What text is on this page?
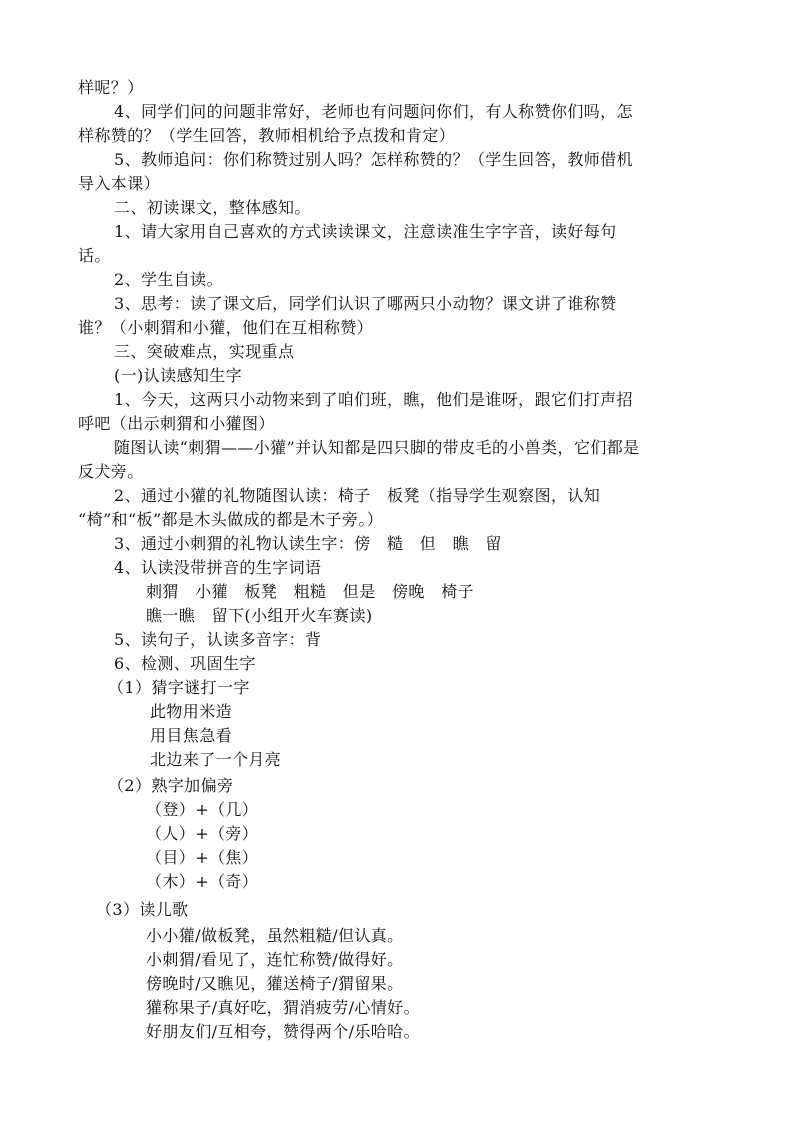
样呢？）
4、同学们问的问题非常好，老师也有问题问你们，有人称赞你们吗，怎
样称赞的？（学生回答，教师相机给予点拨和肯定）
5、教师追问：你们称赞过别人吗？怎样称赞的？（学生回答，教师借机
导入本课）
二、初读课文，整体感知。
1、请大家用自己喜欢的方式读读课文，注意读准生字字音，读好每句
话。
2、学生自读。
3、思考：读了课文后，同学们认识了哪两只小动物？课文讲了谁称赞
谁？（小刺猬和小獾，他们在互相称赞）
三、突破难点，实现重点
(一)认读感知生字
1、今天，这两只小动物来到了咱们班，瞧，他们是谁呀，跟它们打声招
呼吧（出示刺猬和小獾图）
随图认读“刺猬——小獾”并认知都是四只脚的带皮毛的小兽类，它们都是
反犬旁。
2、通过小獾的礼物随图认读：椅子　板凳（指导学生观察图，认知
“椅”和“板”都是木头做成的都是木子旁。）
3、通过小刺猬的礼物认读生字：傍　糙　但　瞧　留
4、认读没带拼音的生字词语
刺猬　小獾　板凳　粗糙　但是　傍晚　椅子
瞧一瞧　留下(小组开火车赛读)
5、读句子，认读多音字：背
6、检测、巩固生字
（1）猜字谜打一字
此物用米造
用目焦急看
北边来了一个月亮
（2）熟字加偏旁
（登）+（几）
（人）+（旁）
（目）+（焦）
（木）+（奇）
（3）读儿歌
小小獾/做板凳，虽然粗糙/但认真。
小刺猬/看见了，连忙称赞/做得好。
傍晚时/又瞧见，獾送椅子/猬留果。
獾称果子/真好吃，猬消疲劳/心情好。
好朋友们/互相夸，赞得两个/乐哈哈。
